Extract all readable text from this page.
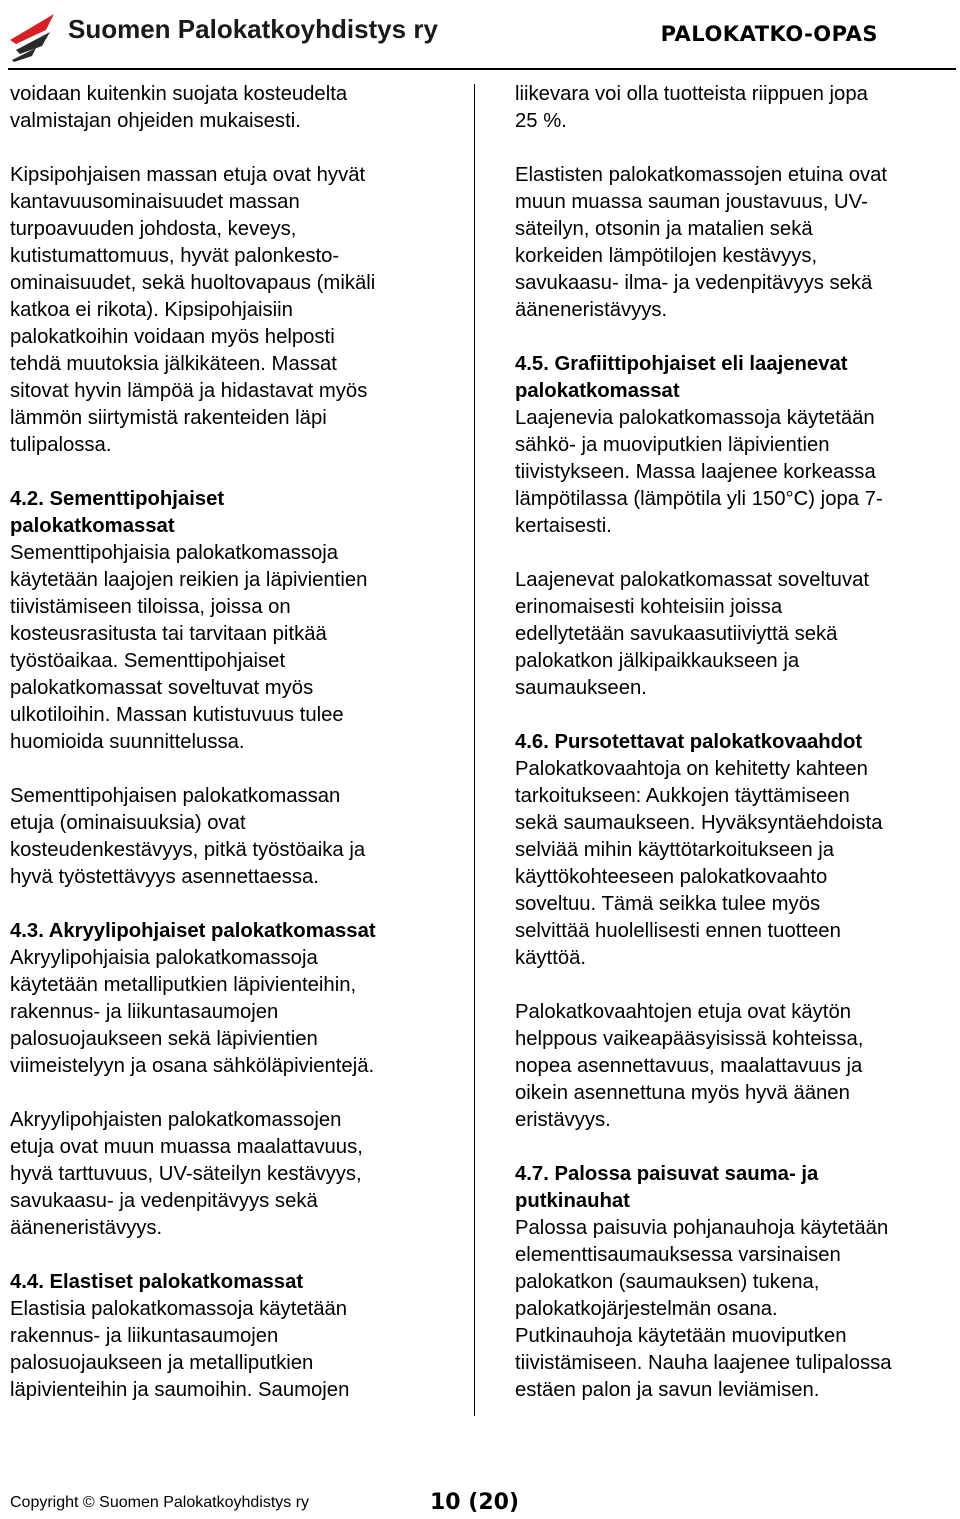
Suomen Palokatkoyhdistys ry	PALOKATKO-OPAS

voidaan kuitenkin suojata kosteudelta
valmistajan ohjeiden mukaisesti.

Kipsipohjaisen massan etuja ovat hyvät
kantavuusominaisuudet massan
turpoavuuden johdosta, keveys,
kutistumattomuus, hyvät palonkesto-
ominaisuudet, sekä huoltovapaus (mikäli
katkoa ei rikota). Kipsipohjaisiin
palokatkoihin voidaan myös helposti
tehdä muutoksia jälkikäteen. Massat
sitovat hyvin lämpöä ja hidastavat myös
lämmön siirtymistä rakenteiden läpi
tulipalossa.

4.2. Sementtipohjaiset
palokatkomassat
Sementtipohjaisia palokatkomassoja
käytetään laajojen reikien ja läpivientien
tiivistämiseen tiloissa, joissa on
kosteusrasitusta tai tarvitaan pitkää
työstöaikaa. Sementtipohjaiset
palokatkomassat soveltuvat myös
ulkotiloihin. Massan kutistuvuus tulee
huomioida suunnittelussa.

Sementtipohjaisen palokatkomassan
etuja (ominaisuuksia) ovat
kosteudenkestävyys, pitkä työstöaika ja
hyvä työstettävyys asennettaessa.

4.3. Akryylipohjaiset palokatkomassat
Akryylipohjaisia palokatkomassoja
käytetään metalliputkien läpivienteihin,
rakennus- ja liikuntasaumojen
palosuojaukseen sekä läpivientien
viimeistelyyn ja osana sähköläpivientejä.

Akryylipohjaisten palokatkomassojen
etuja ovat muun muassa maalattavuus,
hyvä tarttuvuus, UV-säteilyn kestävyys,
savukaasu- ja vedenpitävyys sekä
ääneneristävyys.

4.4. Elastiset palokatkomassat
Elastisia palokatkomassoja käytetään
rakennus- ja liikuntasaumojen
palosuojaukseen ja metalliputkien
läpivienteihin ja saumoihin. Saumojen

liikevara voi olla tuotteista riippuen jopa
25 %.

Elastisten palokatkomassojen etuina ovat
muun muassa sauman joustavuus, UV-
säteilyn, otsonin ja matalien sekä
korkeiden lämpötilojen kestävyys,
savukaasu- ilma- ja vedenpitävyys sekä
ääneneristävyys.

4.5. Grafiittipohjaiset eli laajenevat
palokatkomassat
Laajenevia palokatkomassoja käytetään
sähkö- ja muoviputkien läpivientien
tiivistykseen. Massa laajenee korkeassa
lämpötilassa (lämpötila yli 150°C) jopa 7-
kertaisesti.

Laajenevat palokatkomassat soveltuvat
erinomaisesti kohteisiin joissa
edellytetään savukaasutiiviyttä sekä
palokatkon jälkipaikkaukseen ja
saumaukseen.

4.6. Pursotettavat palokatkovaahdot
Palokatkovaahtoja on kehitetty kahteen
tarkoitukseen: Aukkojen täyttämiseen
sekä saumaukseen. Hyväksyntäehdoista
selviää mihin käyttötarkoitukseen ja
käyttökohteeseen palokatkovaahto
soveltuu. Tämä seikka tulee myös
selvittää huolellisesti ennen tuotteen
käyttöä.

Palokatkovaahtojen etuja ovat käytön
helppous vaikeapääsyisissä kohteissa,
nopea asennettavuus, maalattavuus ja
oikein asennettuna myös hyvä äänen
eristävyys.

4.7. Palossa paisuvat sauma- ja
putkinauhat
Palossa paisuvia pohjanauhoja käytetään
elementtisaumauksessa varsinaisen
palokatkon (saumauksen) tukena,
palokatkojärjestelmän osana.
Putkinauhoja käytetään muoviputken
tiivistämiseen. Nauha laajenee tulipalossa
estäen palon ja savun leviämisen.

Copyright © Suomen Palokatkoyhdistys ry	10 (20)
